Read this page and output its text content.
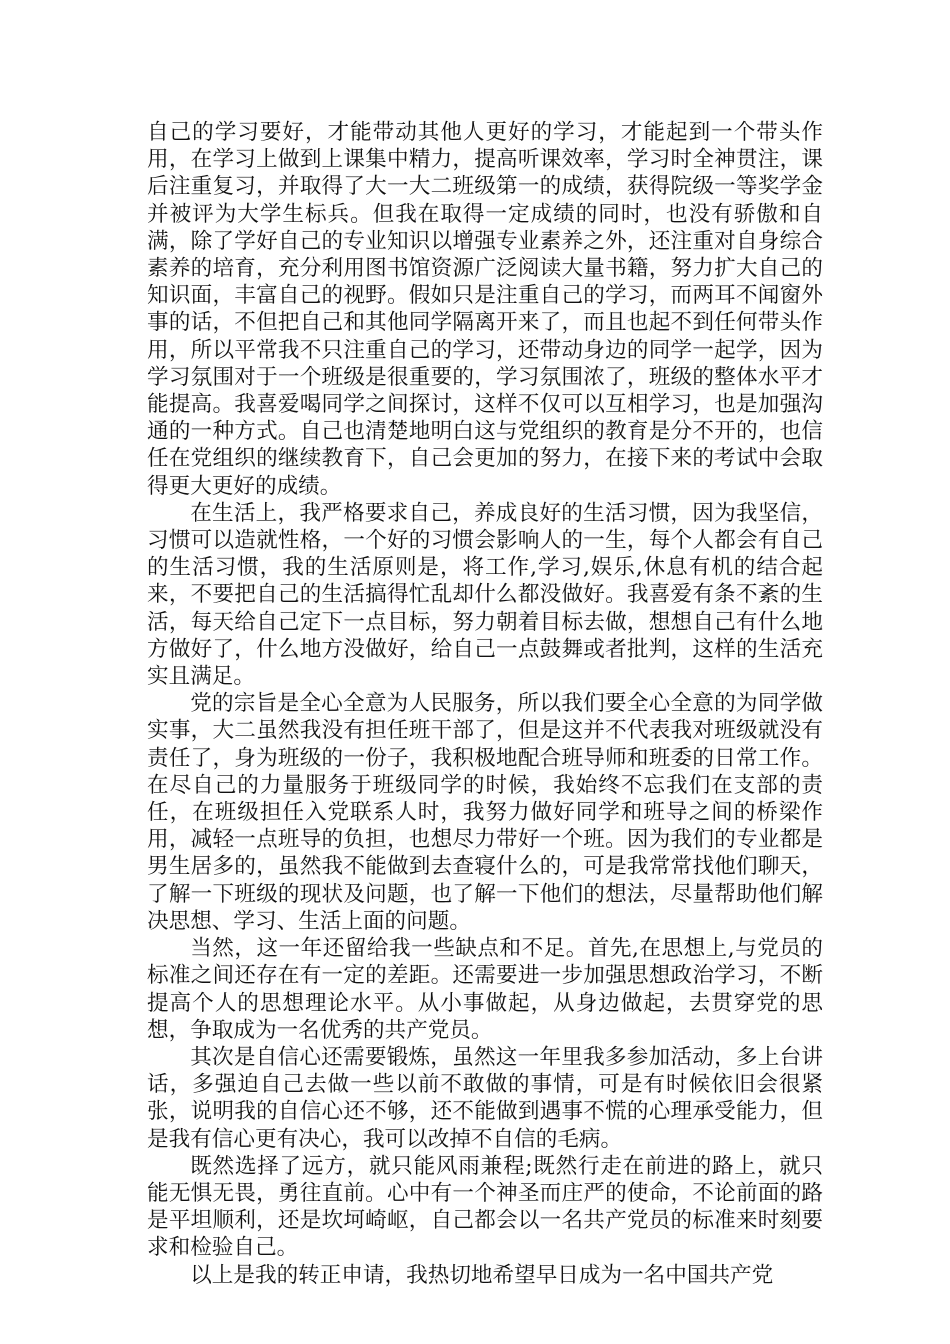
自己的学习要好，才能带动其他人更好的学习，才能起到一个带头作用，在学习上做到上课集中精力，提高听课效率，学习时全神贯注，课后注重复习，并取得了大一大二班级第一的成绩，获得院级一等奖学金并被评为大学生标兵。但我在取得一定成绩的同时，也没有骄傲和自满，除了学好自己的专业知识以增强专业素养之外，还注重对自身综合素养的培育，充分利用图书馆资源广泛阅读大量书籍，努力扩大自己的知识面，丰富自己的视野。假如只是注重自己的学习，而两耳不闻窗外事的话，不但把自己和其他同学隔离开来了，而且也起不到任何带头作用，所以平常我不只注重自己的学习，还带动身边的同学一起学，因为学习氛围对于一个班级是很重要的，学习氛围浓了，班级的整体水平才能提高。我喜爱喝同学之间探讨，这样不仅可以互相学习，也是加强沟通的一种方式。自己也清楚地明白这与党组织的教育是分不开的，也信任在党组织的继续教育下，自己会更加的努力，在接下来的考试中会取得更大更好的成绩。

在生活上，我严格要求自己，养成良好的生活习惯，因为我坚信，习惯可以造就性格，一个好的习惯会影响人的一生，每个人都会有自己的生活习惯，我的生活原则是，将工作,学习,娱乐,休息有机的结合起来，不要把自己的生活搞得忙乱却什么都没做好。我喜爱有条不紊的生活，每天给自己定下一点目标，努力朝着目标去做，想想自己有什么地方做好了，什么地方没做好，给自己一点鼓舞或者批判，这样的生活充实且满足。

党的宗旨是全心全意为人民服务，所以我们要全心全意的为同学做实事，大二虽然我没有担任班干部了，但是这并不代表我对班级就没有责任了，身为班级的一份子，我积极地配合班导师和班委的日常工作。在尽自己的力量服务于班级同学的时候，我始终不忘我们在支部的责任，在班级担任入党联系人时，我努力做好同学和班导之间的桥梁作用，减轻一点班导的负担，也想尽力带好一个班。因为我们的专业都是男生居多的，虽然我不能做到去查寝什么的，可是我常常找他们聊天，了解一下班级的现状及问题，也了解一下他们的想法，尽量帮助他们解决思想、学习、生活上面的问题。

当然，这一年还留给我一些缺点和不足。首先,在思想上,与党员的标准之间还存在有一定的差距。还需要进一步加强思想政治学习，不断提高个人的思想理论水平。从小事做起，从身边做起，去贯穿党的思想，争取成为一名优秀的共产党员。

其次是自信心还需要锻炼，虽然这一年里我多参加活动，多上台讲话，多强迫自己去做一些以前不敢做的事情，可是有时候依旧会很紧张，说明我的自信心还不够，还不能做到遇事不慌的心理承受能力，但是我有信心更有决心，我可以改掉不自信的毛病。

既然选择了远方，就只能风雨兼程;既然行走在前进的路上，就只能无惧无畏，勇往直前。心中有一个神圣而庄严的使命，不论前面的路是平坦顺利，还是坎坷崎岖，自己都会以一名共产党员的标准来时刻要求和检验自己。

以上是我的转正申请，我热切地希望早日成为一名中国共产党
